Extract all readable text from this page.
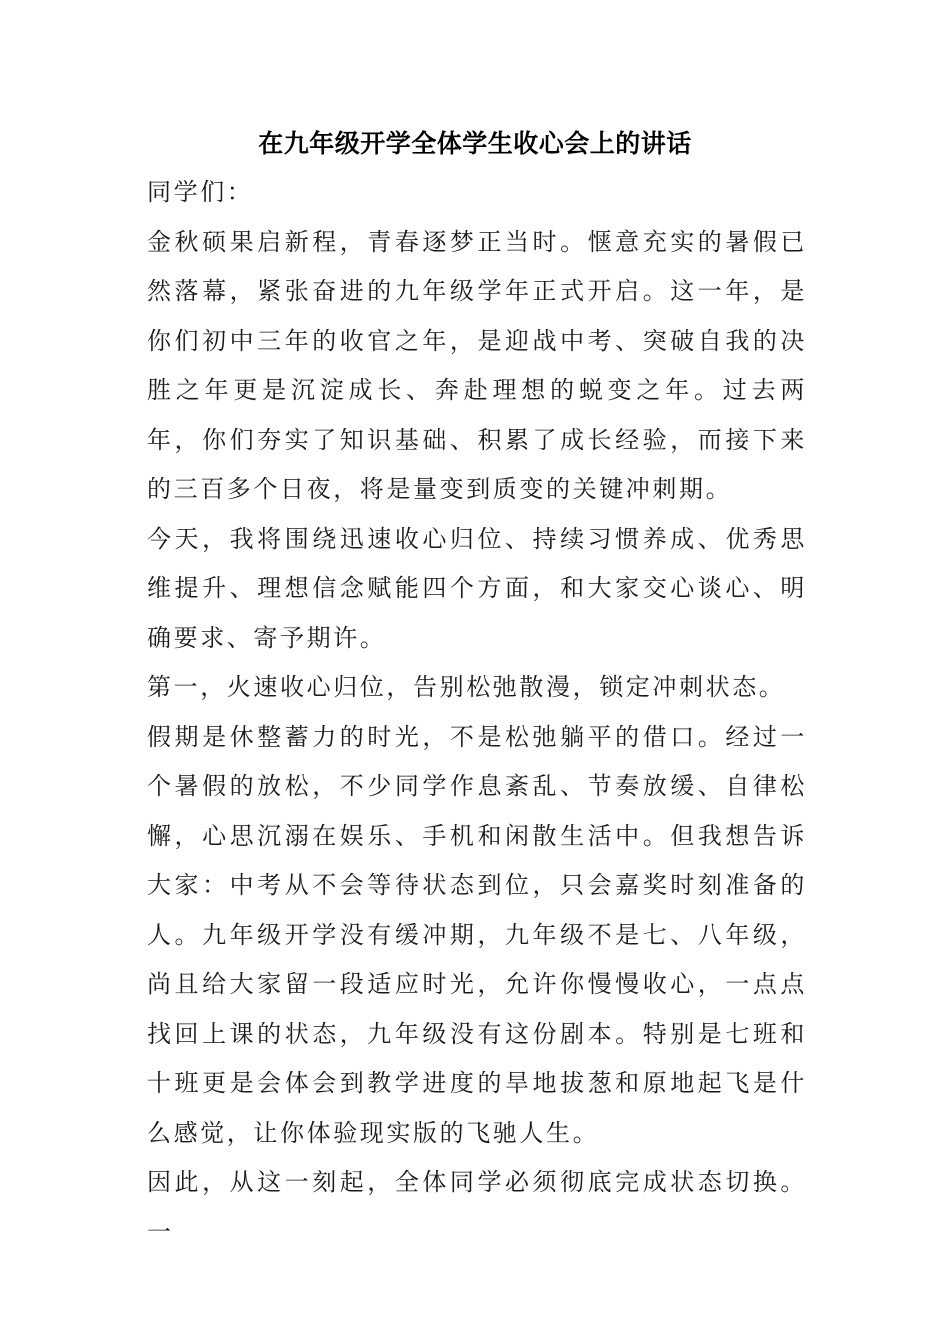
在九年级开学全体学生收心会上的讲话

同学们：

金秋硕果启新程，青春逐梦正当时。惬意充实的暑假已然落幕，紧张奋进的九年级学年正式开启。这一年，是你们初中三年的收官之年，是迎战中考、突破自我的决胜之年更是沉淀成长、奔赴理想的蜕变之年。过去两年，你们夯实了知识基础、积累了成长经验，而接下来的三百多个日夜，将是量变到质变的关键冲刺期。

今天，我将围绕迅速收心归位、持续习惯养成、优秀思维提升、理想信念赋能四个方面，和大家交心谈心、明确要求、寄予期许。

第一，火速收心归位，告别松弛散漫，锁定冲刺状态。

假期是休整蓄力的时光，不是松弛躺平的借口。经过一个暑假的放松，不少同学作息紊乱、节奏放缓、自律松懈，心思沉溺在娱乐、手机和闲散生活中。但我想告诉大家：中考从不会等待状态到位，只会嘉奖时刻准备的人。九年级开学没有缓冲期，九年级不是七、八年级，尚且给大家留一段适应时光，允许你慢慢收心，一点点找回上课的状态，九年级没有这份剧本。特别是七班和十班更是会体会到教学进度的旱地拔葱和原地起飞是什么感觉，让你体验现实版的飞驰人生。

因此，从这一刻起，全体同学必须彻底完成状态切换。一
